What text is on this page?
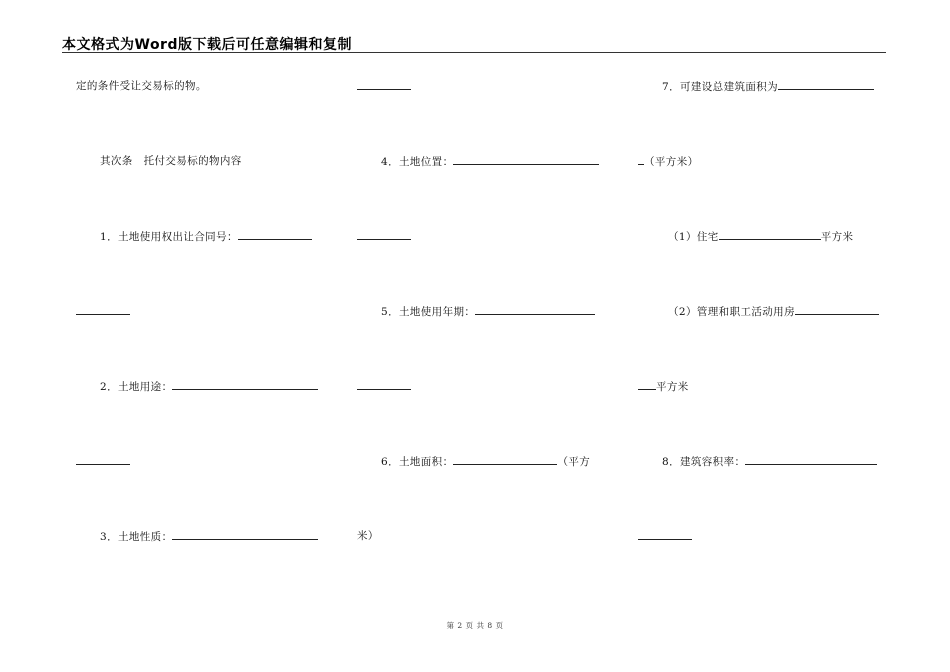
本文格式为Word版下载后可任意编辑和复制
定的条件受让交易标的物。
其次条　托付交易标的物内容
1．土地使用权出让合同号：
2．土地用途：
3．土地性质：
4．土地位置：
5．土地使用年期：
6．土地面积：	（平方
米）
7．可建设总建筑面积为
（平方米）
（1）住宅	平方米
（2）管理和职工活动用房
平方米
8．建筑容积率：
第 2 页 共 8 页
